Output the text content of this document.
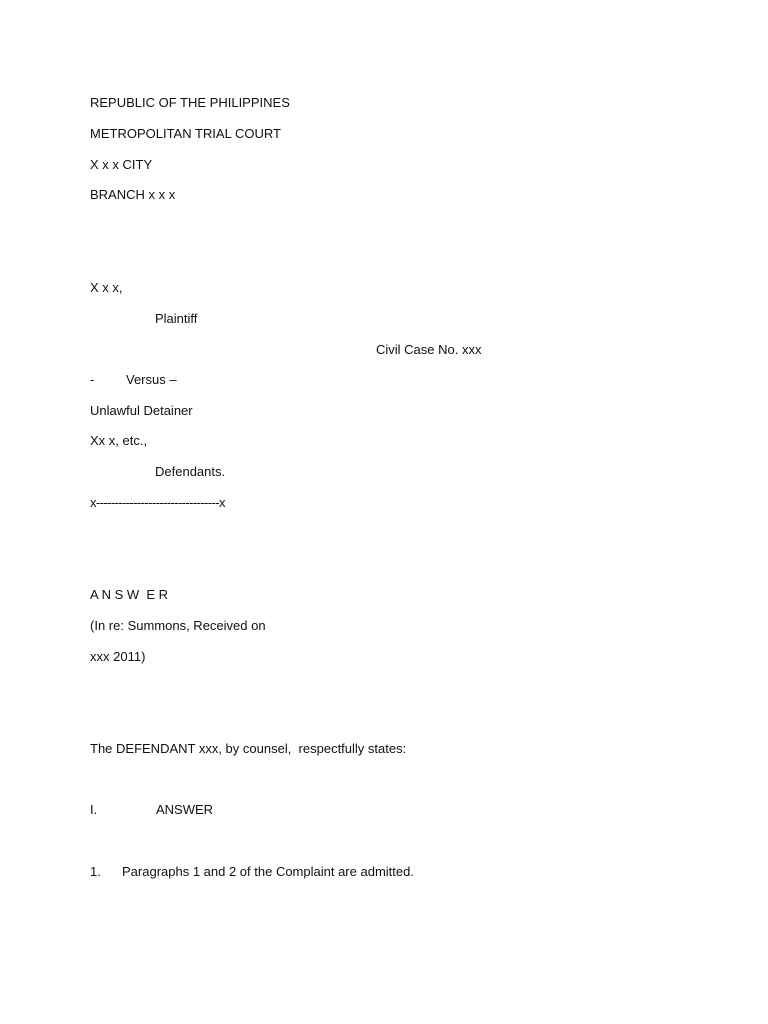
REPUBLIC OF THE PHILIPPINES
METROPOLITAN TRIAL COURT
X x x CITY
BRANCH x x x
X x x,
Plaintiff
Civil Case No. xxx
- Versus –
Unlawful Detainer
Xx x, etc.,
Defendants.
x---------------------------------x
A N S W  E R
(In re: Summons, Received on
xxx 2011)
The DEFENDANT xxx, by counsel,  respectfully states:
I.	ANSWER
1. Paragraphs 1 and 2 of the Complaint are admitted.
